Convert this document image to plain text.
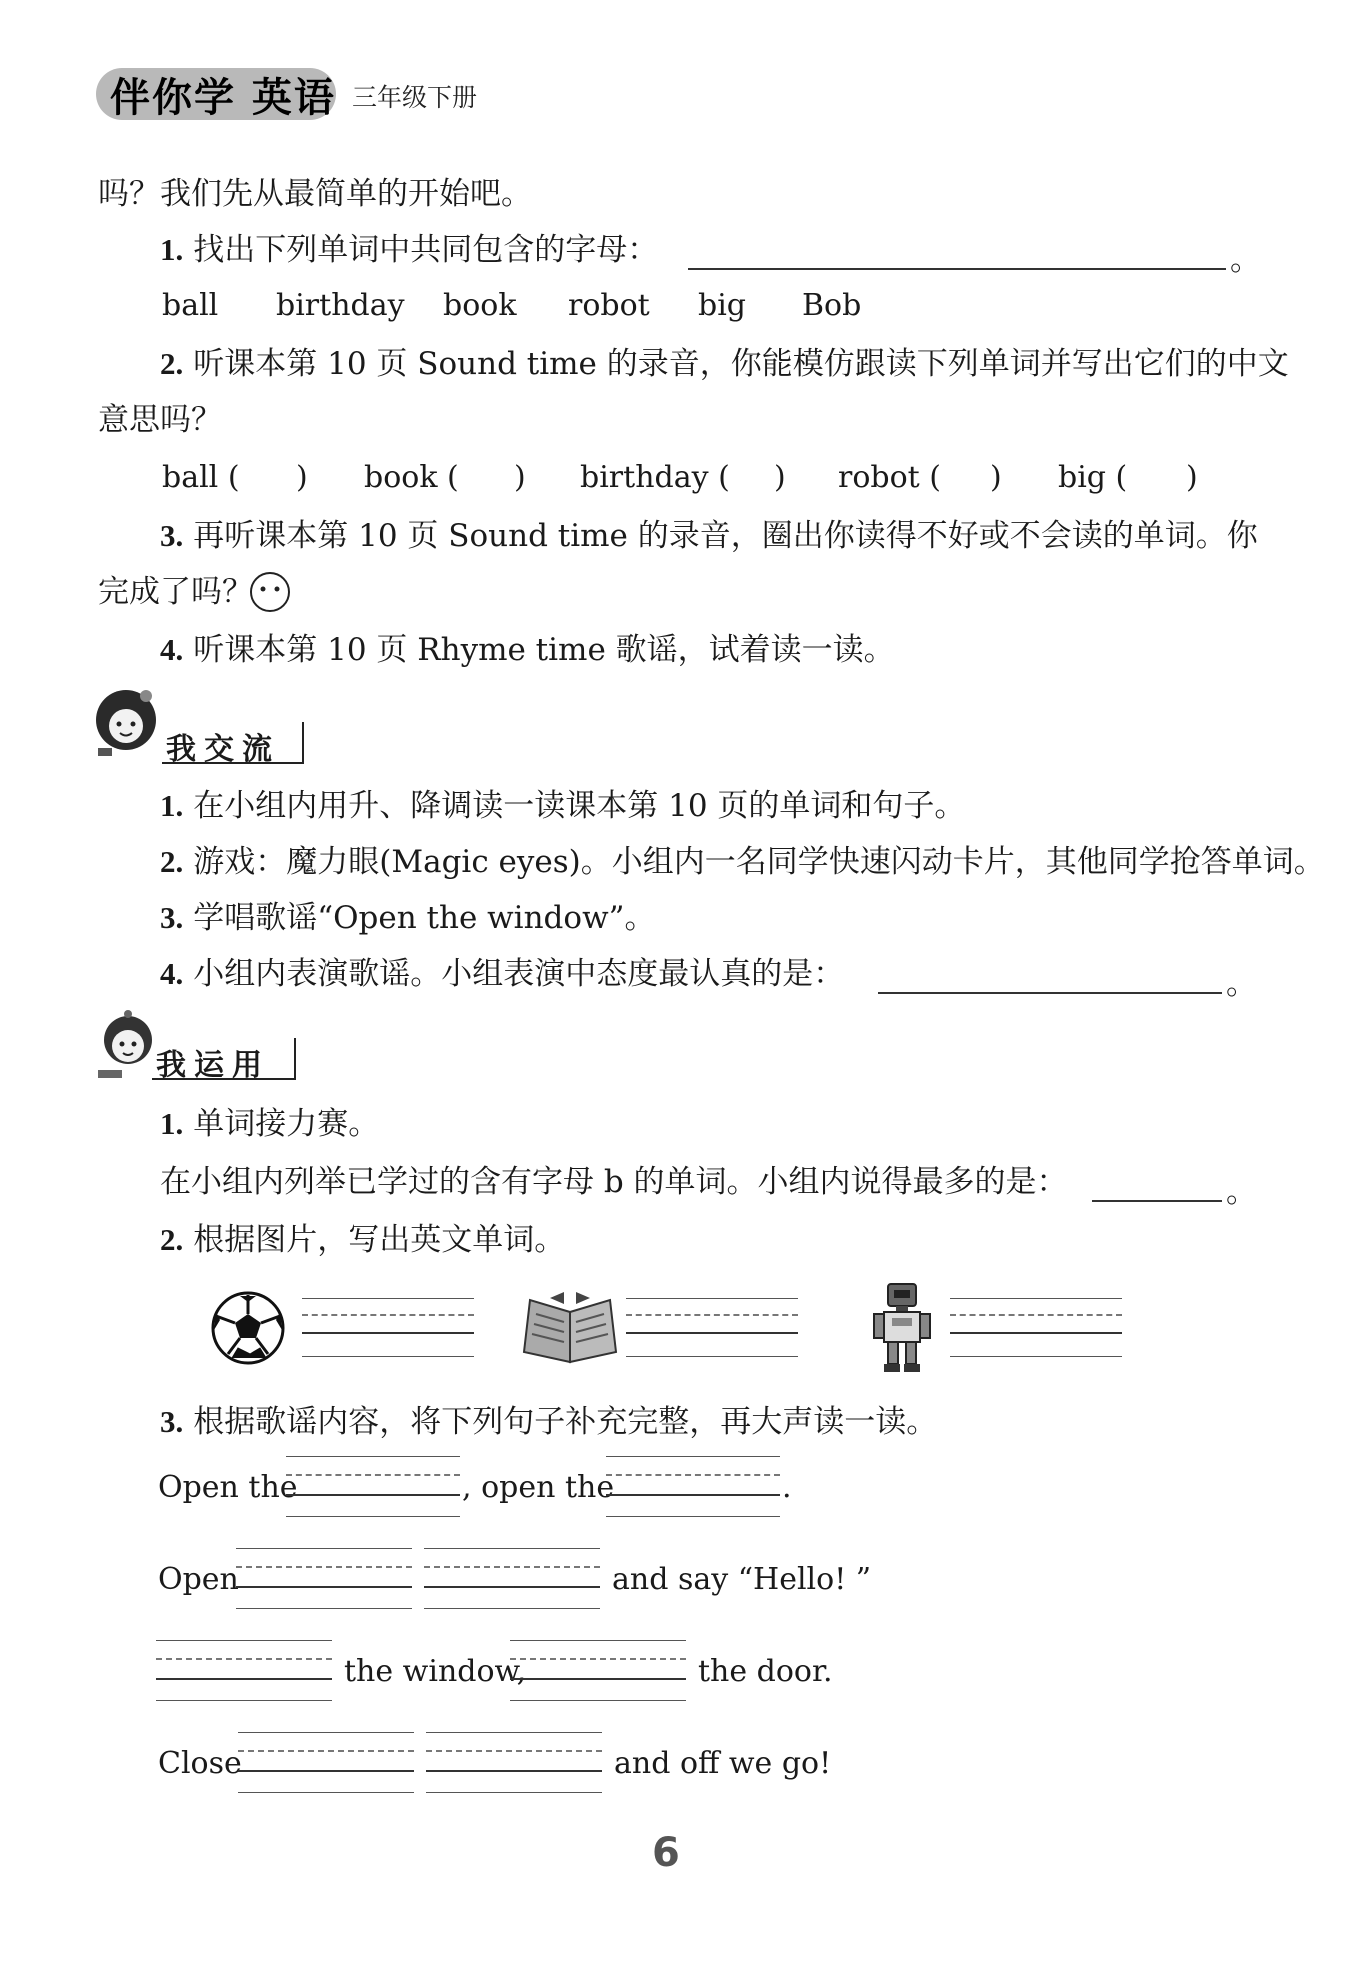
伴你学 英语 三年级下册
吗？我们先从最简单的开始吧。
1. 找出下列单词中共同包含的字母：	。
ball birthday book robot big Bob
2. 听课本第 10 页 Sound time 的录音，你能模仿跟读下列单词并写出它们的中文
意思吗？
ball ( ) book ( ) birthday ( ) robot ( ) big ( )
3. 再听课本第 10 页 Sound time 的录音，圈出你读得不好或不会读的单词。你
完成了吗？
4. 听课本第 10 页 Rhyme time 歌谣，试着读一读。
我交流
1. 在小组内用升、降调读一读课本第 10 页的单词和句子。
2. 游戏：魔力眼(Magic eyes)。小组内一名同学快速闪动卡片，其他同学抢答单词。
3. 学唱歌谣“Open the window”。
4. 小组内表演歌谣。小组表演中态度最认真的是：	。
我运用
1. 单词接力赛。
在小组内列举已学过的含有字母 b 的单词。小组内说得最多的是：	。
2. 根据图片，写出英文单词。
3. 根据歌谣内容，将下列句子补充完整，再大声读一读。
Open the	, open the	.
Open	and say “Hello! ”
the window,	the door.
Close	and off we go!
6
